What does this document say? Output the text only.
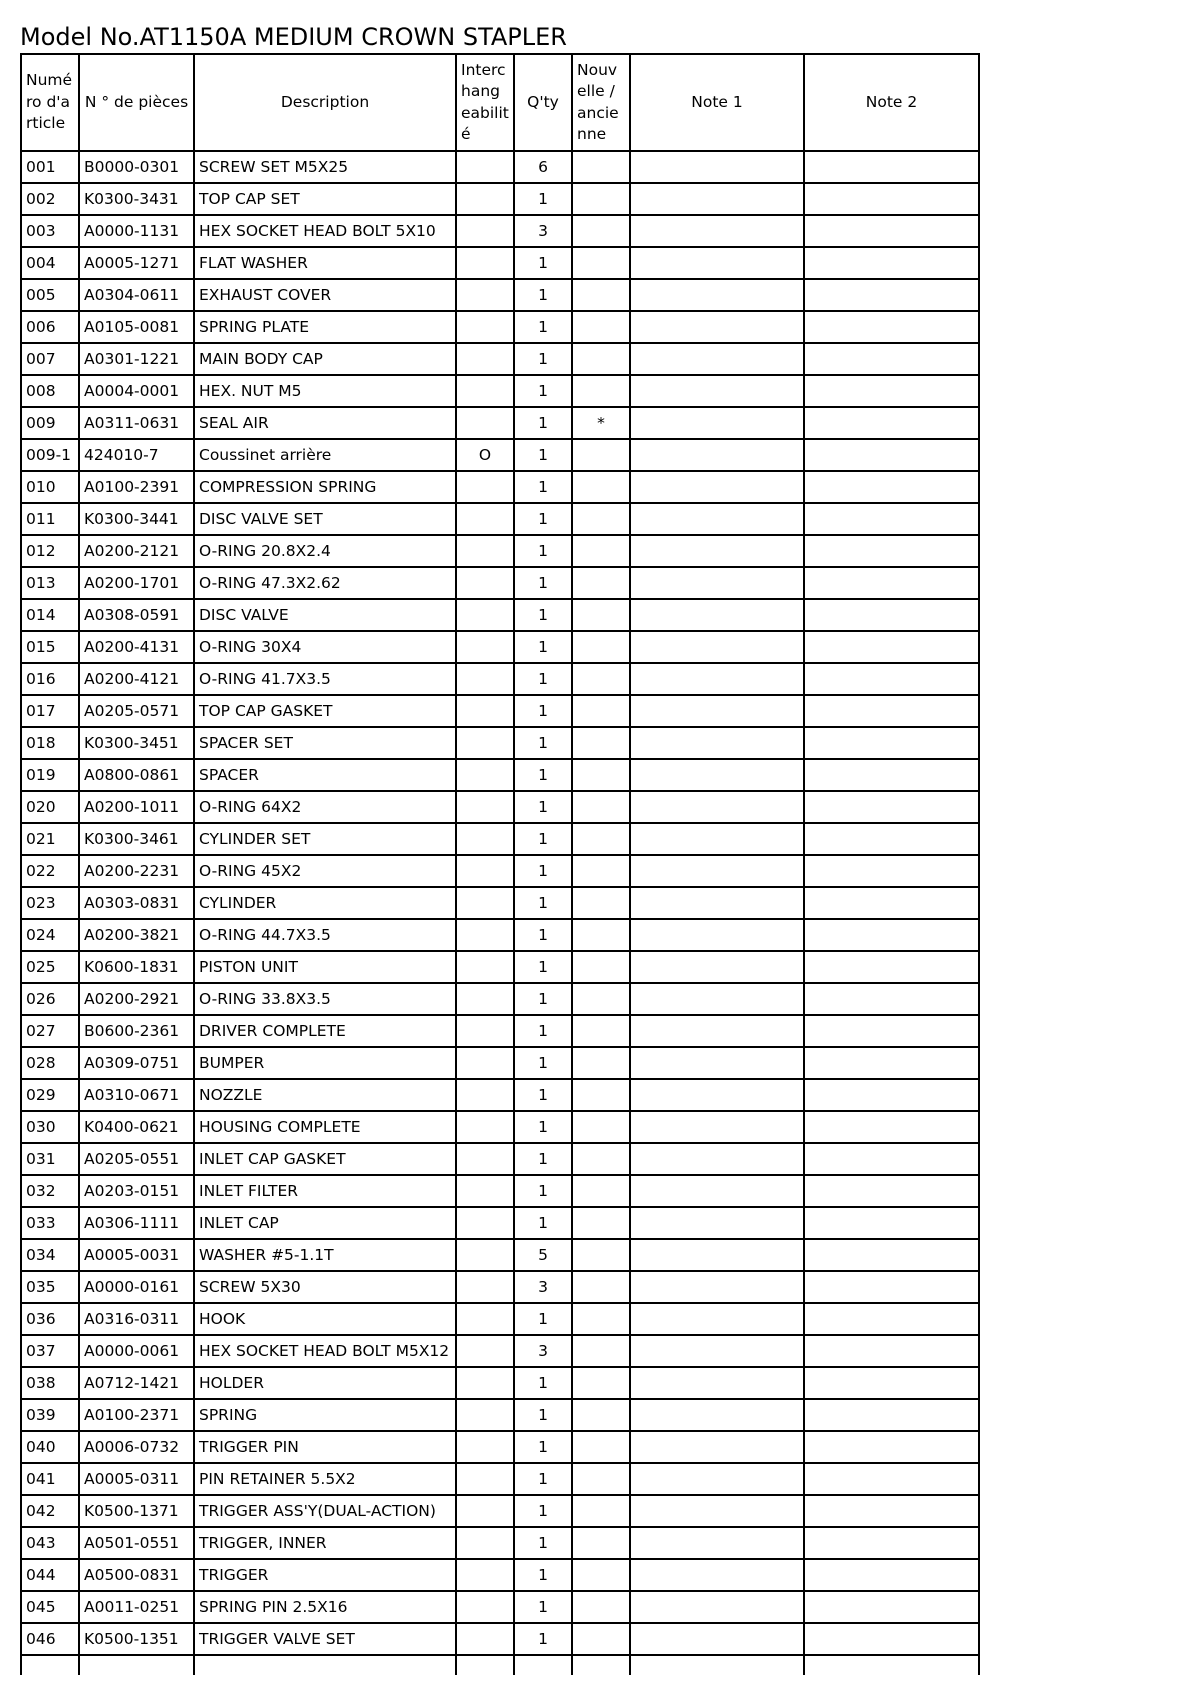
Model No.AT1150A MEDIUM CROWN STAPLER
Numé ro d'a rticle	N ° de pièces	Description	Interc hang eabilit é	Q'ty	Nouv elle / ancie nne	Note 1	Note 2
001	B0000-0301	SCREW SET M5X25		6			
002	K0300-3431	TOP CAP SET		1			
003	A0000-1131	HEX SOCKET HEAD BOLT 5X10		3			
004	A0005-1271	FLAT WASHER		1			
005	A0304-0611	EXHAUST COVER		1			
006	A0105-0081	SPRING PLATE		1			
007	A0301-1221	MAIN BODY CAP		1			
008	A0004-0001	HEX. NUT M5		1			
009	A0311-0631	SEAL AIR		1	*		
009-1	424010-7	Coussinet arrière	O	1			
010	A0100-2391	COMPRESSION SPRING		1			
011	K0300-3441	DISC VALVE SET		1			
012	A0200-2121	O-RING 20.8X2.4		1			
013	A0200-1701	O-RING 47.3X2.62		1			
014	A0308-0591	DISC VALVE		1			
015	A0200-4131	O-RING 30X4		1			
016	A0200-4121	O-RING 41.7X3.5		1			
017	A0205-0571	TOP CAP GASKET		1			
018	K0300-3451	SPACER SET		1			
019	A0800-0861	SPACER		1			
020	A0200-1011	O-RING 64X2		1			
021	K0300-3461	CYLINDER SET		1			
022	A0200-2231	O-RING 45X2		1			
023	A0303-0831	CYLINDER		1			
024	A0200-3821	O-RING 44.7X3.5		1			
025	K0600-1831	PISTON UNIT		1			
026	A0200-2921	O-RING 33.8X3.5		1			
027	B0600-2361	DRIVER COMPLETE		1			
028	A0309-0751	BUMPER		1			
029	A0310-0671	NOZZLE		1			
030	K0400-0621	HOUSING COMPLETE		1			
031	A0205-0551	INLET CAP GASKET		1			
032	A0203-0151	INLET FILTER		1			
033	A0306-1111	INLET CAP		1			
034	A0005-0031	WASHER #5-1.1T		5			
035	A0000-0161	SCREW 5X30		3			
036	A0316-0311	HOOK		1			
037	A0000-0061	HEX SOCKET HEAD BOLT M5X12		3			
038	A0712-1421	HOLDER		1			
039	A0100-2371	SPRING		1			
040	A0006-0732	TRIGGER PIN		1			
041	A0005-0311	PIN RETAINER 5.5X2		1			
042	K0500-1371	TRIGGER ASS'Y(DUAL-ACTION)		1			
043	A0501-0551	TRIGGER, INNER		1			
044	A0500-0831	TRIGGER		1			
045	A0011-0251	SPRING PIN 2.5X16		1			
046	K0500-1351	TRIGGER VALVE SET		1			
